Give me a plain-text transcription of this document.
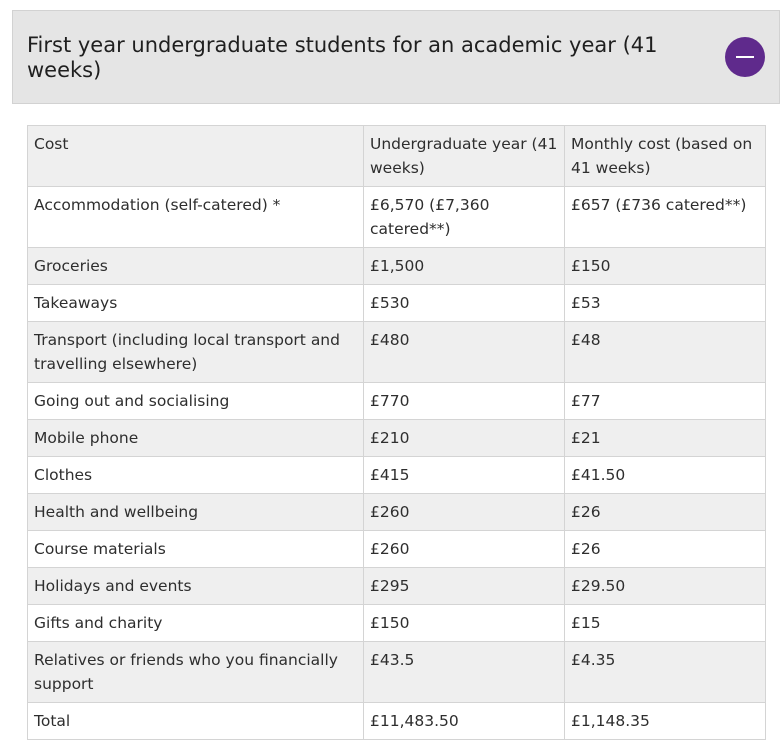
First year undergraduate students for an academic year (41 weeks)
Cost	Undergraduate year (41 weeks)	Monthly cost (based on 41 weeks)
Accommodation (self-catered) *	£6,570 (£7,360 catered**)	£657 (£736 catered**)
Groceries	£1,500	£150
Takeaways	£530	£53
Transport (including local transport and travelling elsewhere)	£480	£48
Going out and socialising	£770	£77
Mobile phone	£210	£21
Clothes	£415	£41.50
Health and wellbeing	£260	£26
Course materials	£260	£26
Holidays and events	£295	£29.50
Gifts and charity	£150	£15
Relatives or friends who you financially support	£43.5	£4.35
Total	£11,483.50	£1,148.35
